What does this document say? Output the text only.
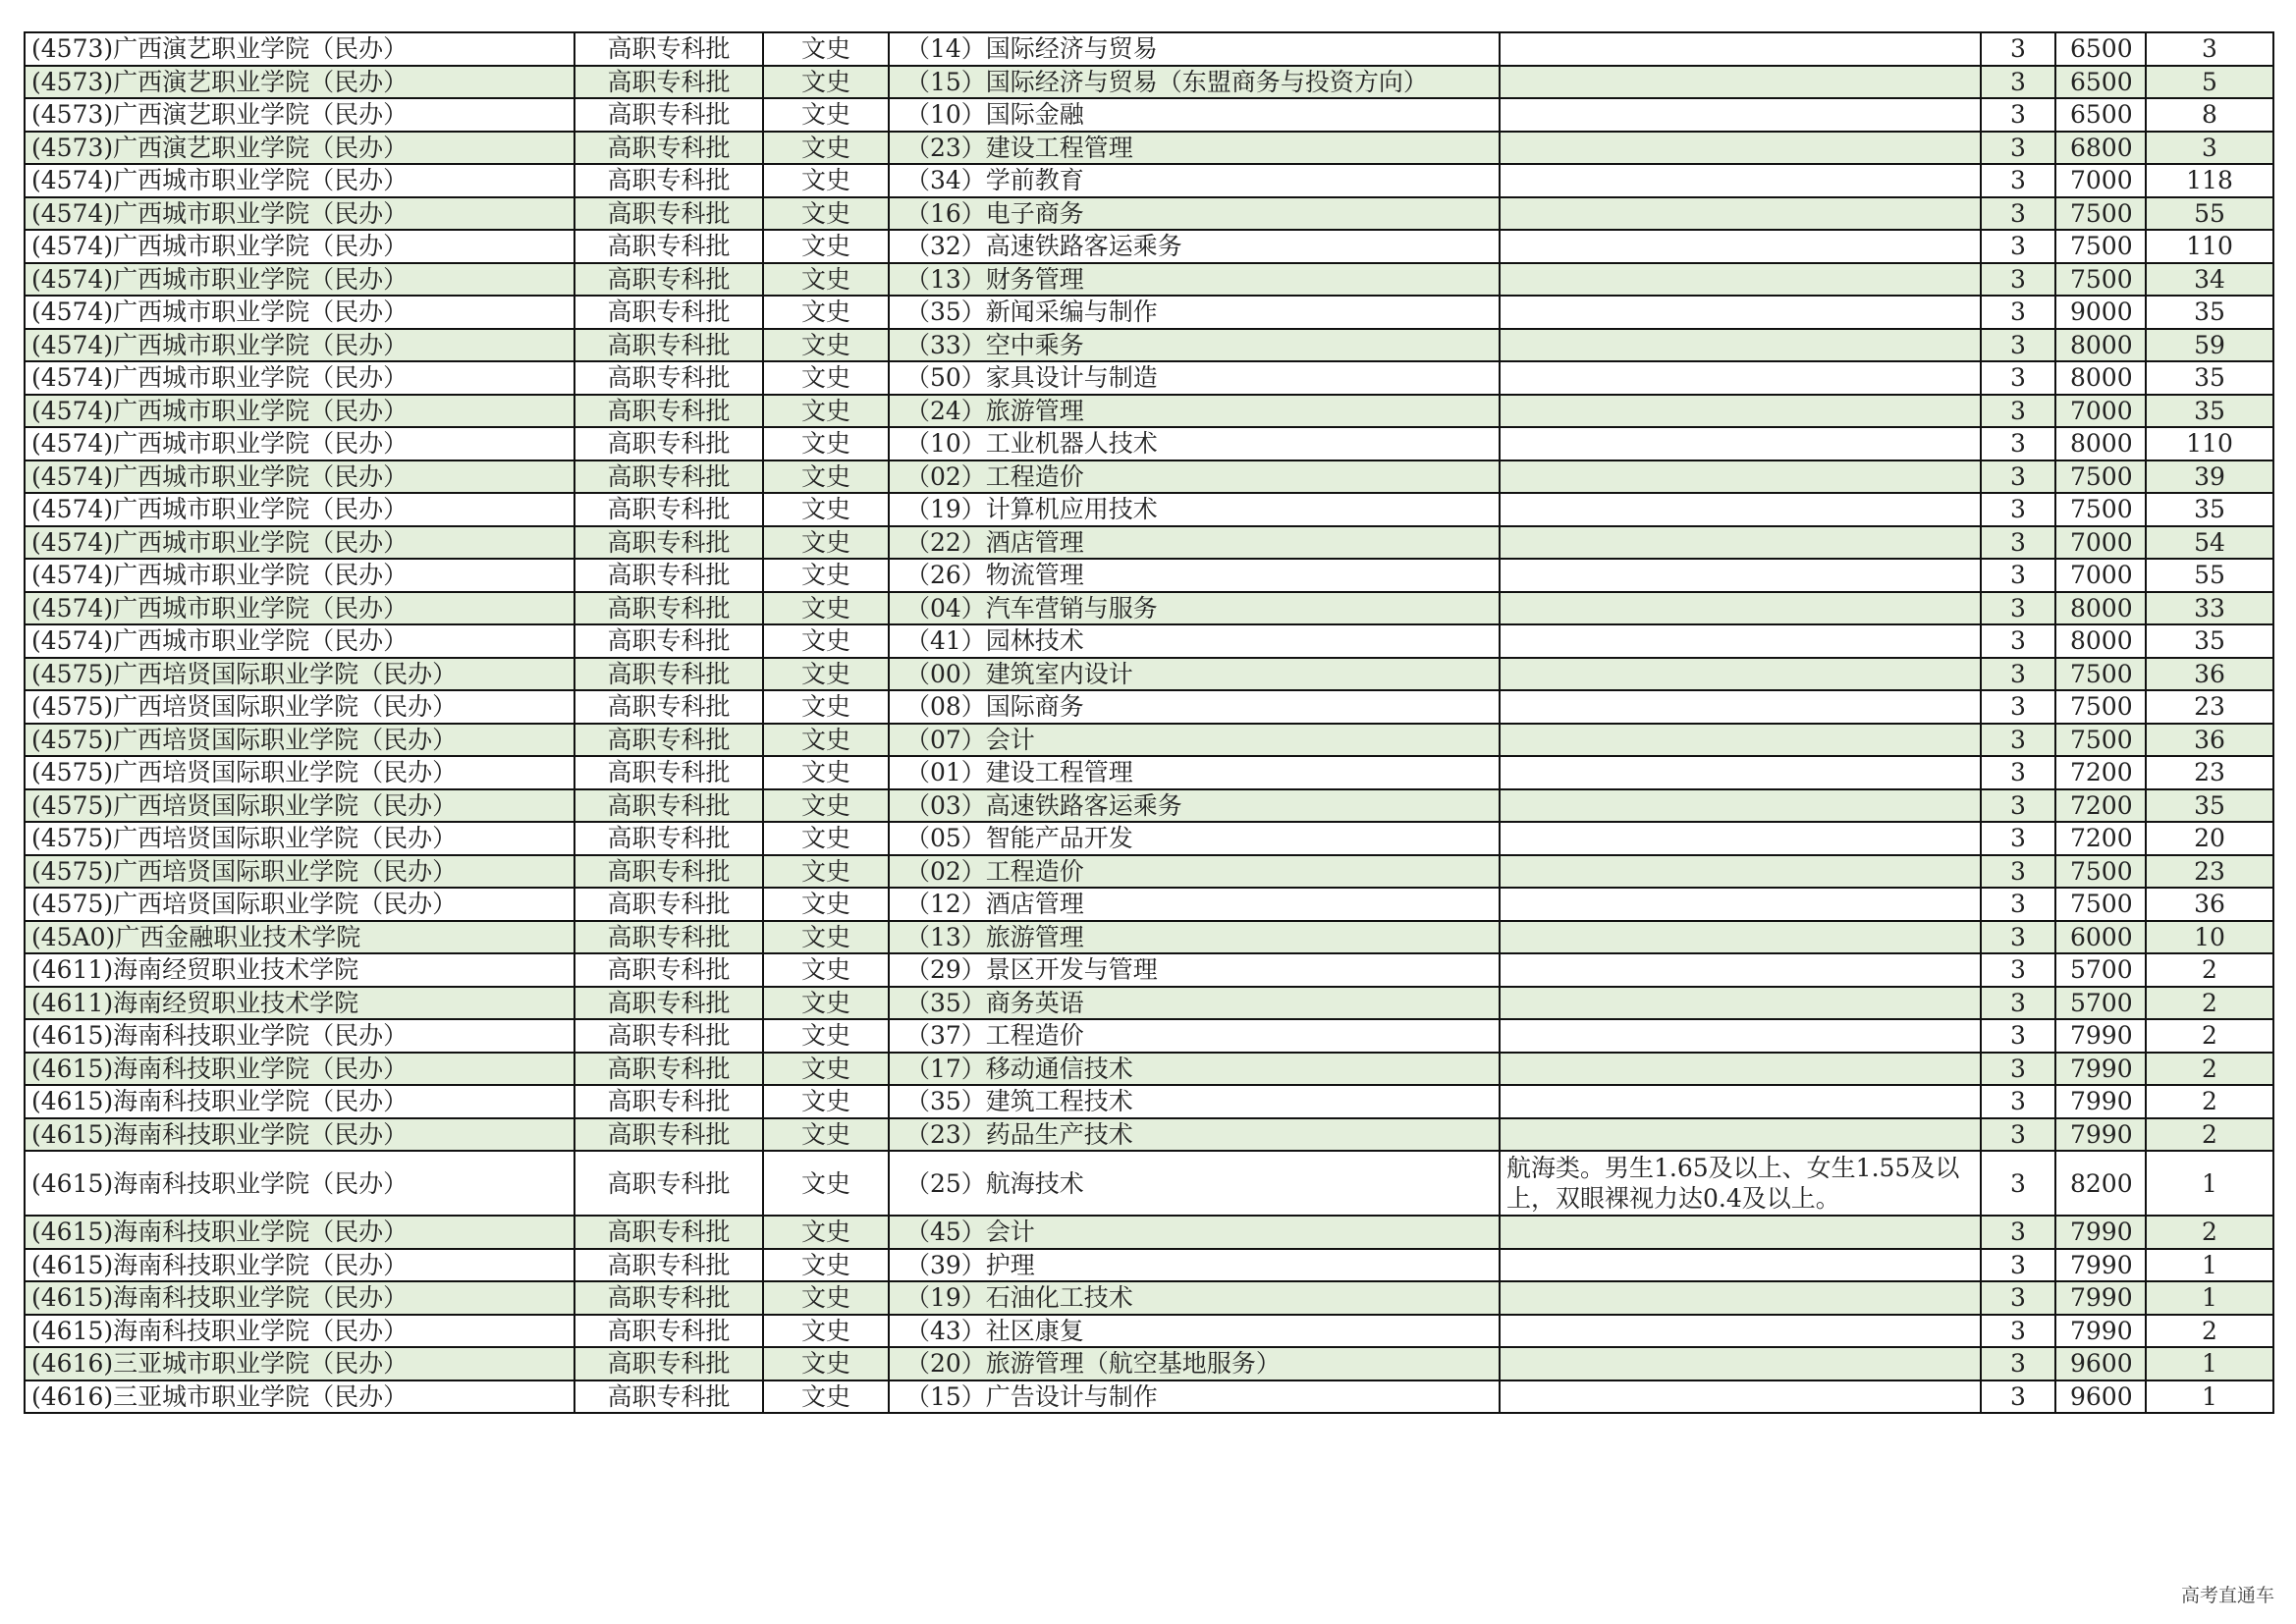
(4573)广西演艺职业学院（民办）	高职专科批	文史	（14）国际经济与贸易		3	6500	3
(4573)广西演艺职业学院（民办）	高职专科批	文史	（15）国际经济与贸易（东盟商务与投资方向）		3	6500	5
(4573)广西演艺职业学院（民办）	高职专科批	文史	（10）国际金融		3	6500	8
(4573)广西演艺职业学院（民办）	高职专科批	文史	（23）建设工程管理		3	6800	3
(4574)广西城市职业学院（民办）	高职专科批	文史	（34）学前教育		3	7000	118
(4574)广西城市职业学院（民办）	高职专科批	文史	（16）电子商务		3	7500	55
(4574)广西城市职业学院（民办）	高职专科批	文史	（32）高速铁路客运乘务		3	7500	110
(4574)广西城市职业学院（民办）	高职专科批	文史	（13）财务管理		3	7500	34
(4574)广西城市职业学院（民办）	高职专科批	文史	（35）新闻采编与制作		3	9000	35
(4574)广西城市职业学院（民办）	高职专科批	文史	（33）空中乘务		3	8000	59
(4574)广西城市职业学院（民办）	高职专科批	文史	（50）家具设计与制造		3	8000	35
(4574)广西城市职业学院（民办）	高职专科批	文史	（24）旅游管理		3	7000	35
(4574)广西城市职业学院（民办）	高职专科批	文史	（10）工业机器人技术		3	8000	110
(4574)广西城市职业学院（民办）	高职专科批	文史	（02）工程造价		3	7500	39
(4574)广西城市职业学院（民办）	高职专科批	文史	（19）计算机应用技术		3	7500	35
(4574)广西城市职业学院（民办）	高职专科批	文史	（22）酒店管理		3	7000	54
(4574)广西城市职业学院（民办）	高职专科批	文史	（26）物流管理		3	7000	55
(4574)广西城市职业学院（民办）	高职专科批	文史	（04）汽车营销与服务		3	8000	33
(4574)广西城市职业学院（民办）	高职专科批	文史	（41）园林技术		3	8000	35
(4575)广西培贤国际职业学院（民办）	高职专科批	文史	（00）建筑室内设计		3	7500	36
(4575)广西培贤国际职业学院（民办）	高职专科批	文史	（08）国际商务		3	7500	23
(4575)广西培贤国际职业学院（民办）	高职专科批	文史	（07）会计		3	7500	36
(4575)广西培贤国际职业学院（民办）	高职专科批	文史	（01）建设工程管理		3	7200	23
(4575)广西培贤国际职业学院（民办）	高职专科批	文史	（03）高速铁路客运乘务		3	7200	35
(4575)广西培贤国际职业学院（民办）	高职专科批	文史	（05）智能产品开发		3	7200	20
(4575)广西培贤国际职业学院（民办）	高职专科批	文史	（02）工程造价		3	7500	23
(4575)广西培贤国际职业学院（民办）	高职专科批	文史	（12）酒店管理		3	7500	36
(45A0)广西金融职业技术学院	高职专科批	文史	（13）旅游管理		3	6000	10
(4611)海南经贸职业技术学院	高职专科批	文史	（29）景区开发与管理		3	5700	2
(4611)海南经贸职业技术学院	高职专科批	文史	（35）商务英语		3	5700	2
(4615)海南科技职业学院（民办）	高职专科批	文史	（37）工程造价		3	7990	2
(4615)海南科技职业学院（民办）	高职专科批	文史	（17）移动通信技术		3	7990	2
(4615)海南科技职业学院（民办）	高职专科批	文史	（35）建筑工程技术		3	7990	2
(4615)海南科技职业学院（民办）	高职专科批	文史	（23）药品生产技术		3	7990	2
(4615)海南科技职业学院（民办）	高职专科批	文史	（25）航海技术	航海类。男生1.65及以上、女生1.55及以上，双眼裸视力达0.4及以上。	3	8200	1
(4615)海南科技职业学院（民办）	高职专科批	文史	（45）会计		3	7990	2
(4615)海南科技职业学院（民办）	高职专科批	文史	（39）护理		3	7990	1
(4615)海南科技职业学院（民办）	高职专科批	文史	（19）石油化工技术		3	7990	1
(4615)海南科技职业学院（民办）	高职专科批	文史	（43）社区康复		3	7990	2
(4616)三亚城市职业学院（民办）	高职专科批	文史	（20）旅游管理（航空基地服务）		3	9600	1
(4616)三亚城市职业学院（民办）	高职专科批	文史	（15）广告设计与制作		3	9600	1
高考直通车
